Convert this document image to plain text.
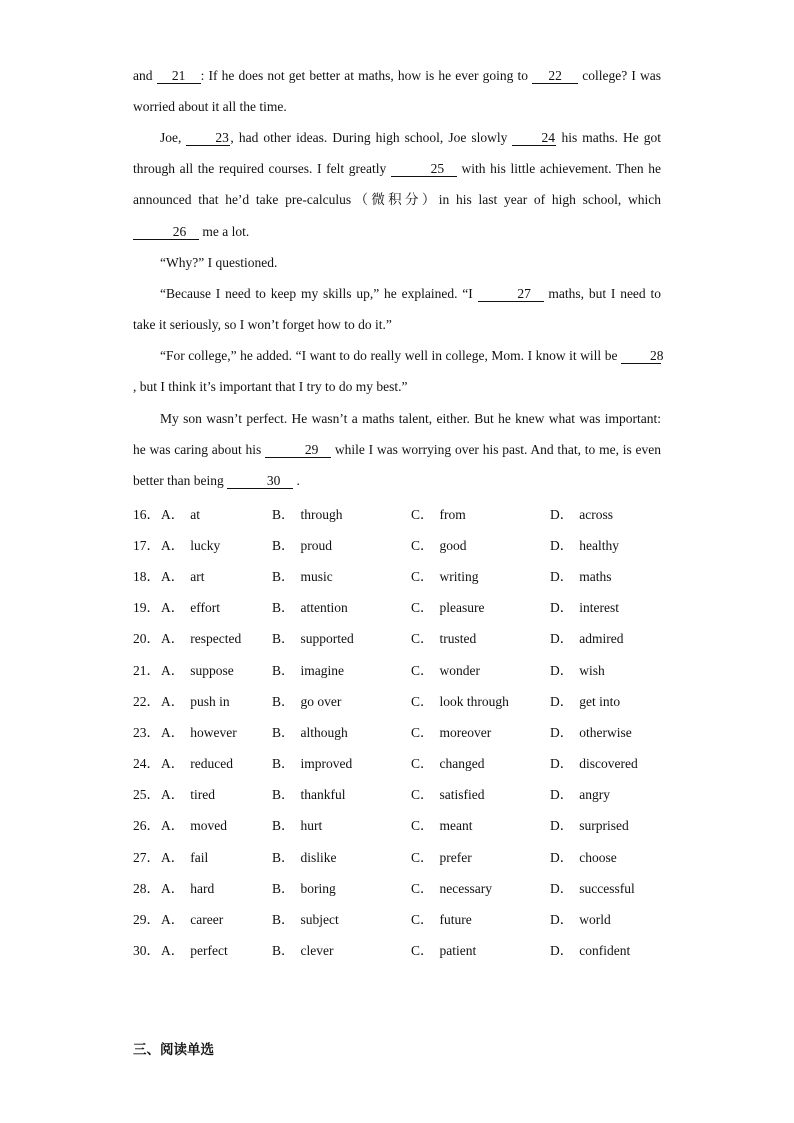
and 21 : If he does not get better at maths, how is he ever going to 22 college? I was worried about it all the time.

Joe, 23 , had other ideas. During high school, Joe slowly 24 his maths. He got through all the required courses. I felt greatly	25 with his little achievement. Then he announced that he’d take pre-calculus（微积分）in his last year of high school, which 26 me a lot.

“Why?” I questioned.

“Because I need to keep my skills up,” he explained. “I	27 maths, but I need to take it seriously, so I won’t forget how to do it.”

“For college,” he added. “I want to do really well in college, Mom. I know it will be 28, but I think it’s important that I try to do my best.”

My son wasn’t perfect. He wasn’t a maths talent, either. But he knew what was important: he was caring about his	29 while I was worrying over his past. And that, to me, is even better than being	30 .

16． A． at	B． through	C． from	D． across
17． A． lucky	B． proud	C． good	D． healthy
18． A． art	B． music	C． writing	D． maths
19． A． effort	B． attention	C． pleasure	D． interest
20． A． respected	B． supported	C． trusted	D． admired
21． A． suppose	B． imagine	C． wonder	D． wish
22． A． push in	B． go over	C． look through	D． get into
23． A． however	B． although	C． moreover	D． otherwise
24． A． reduced	B． improved	C． changed	D． discovered
25． A． tired	B． thankful	C． satisfied	D． angry
26． A． moved	B． hurt	C． meant	D． surprised
27． A． fail	B． dislike	C． prefer	D． choose
28． A． hard	B． boring	C． necessary	D． successful
29． A． career	B． subject	C． future	D． world
30． A． perfect	B． clever	C． patient	D． confident
三、阅读单选
